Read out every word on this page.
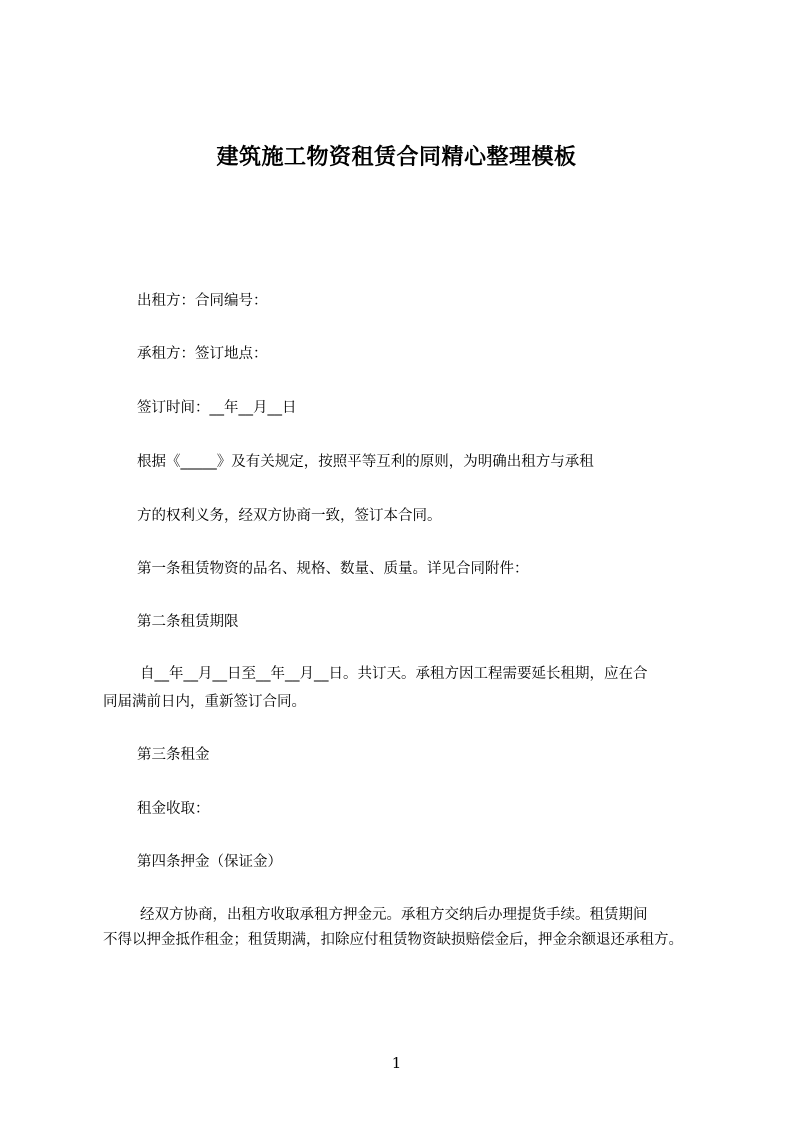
建筑施工物资租赁合同精心整理模板
出租方：合同编号：
承租方：签订地点：
签订时间：__年__月__日
根据《_____》及有关规定，按照平等互利的原则，为明确出租方与承租
方的权利义务，经双方协商一致，签订本合同。
第一条租赁物资的品名、规格、数量、质量。详见合同附件：
第二条租赁期限
自__年__月__日至__年__月__日。共订天。承租方因工程需要延长租期，应在合
同届满前日内，重新签订合同。
第三条租金
租金收取：
第四条押金（保证金）
经双方协商，出租方收取承租方押金元。承租方交纳后办理提货手续。租赁期间
不得以押金抵作租金；租赁期满，扣除应付租赁物资缺损赔偿金后，押金余额退还承租方。
1
